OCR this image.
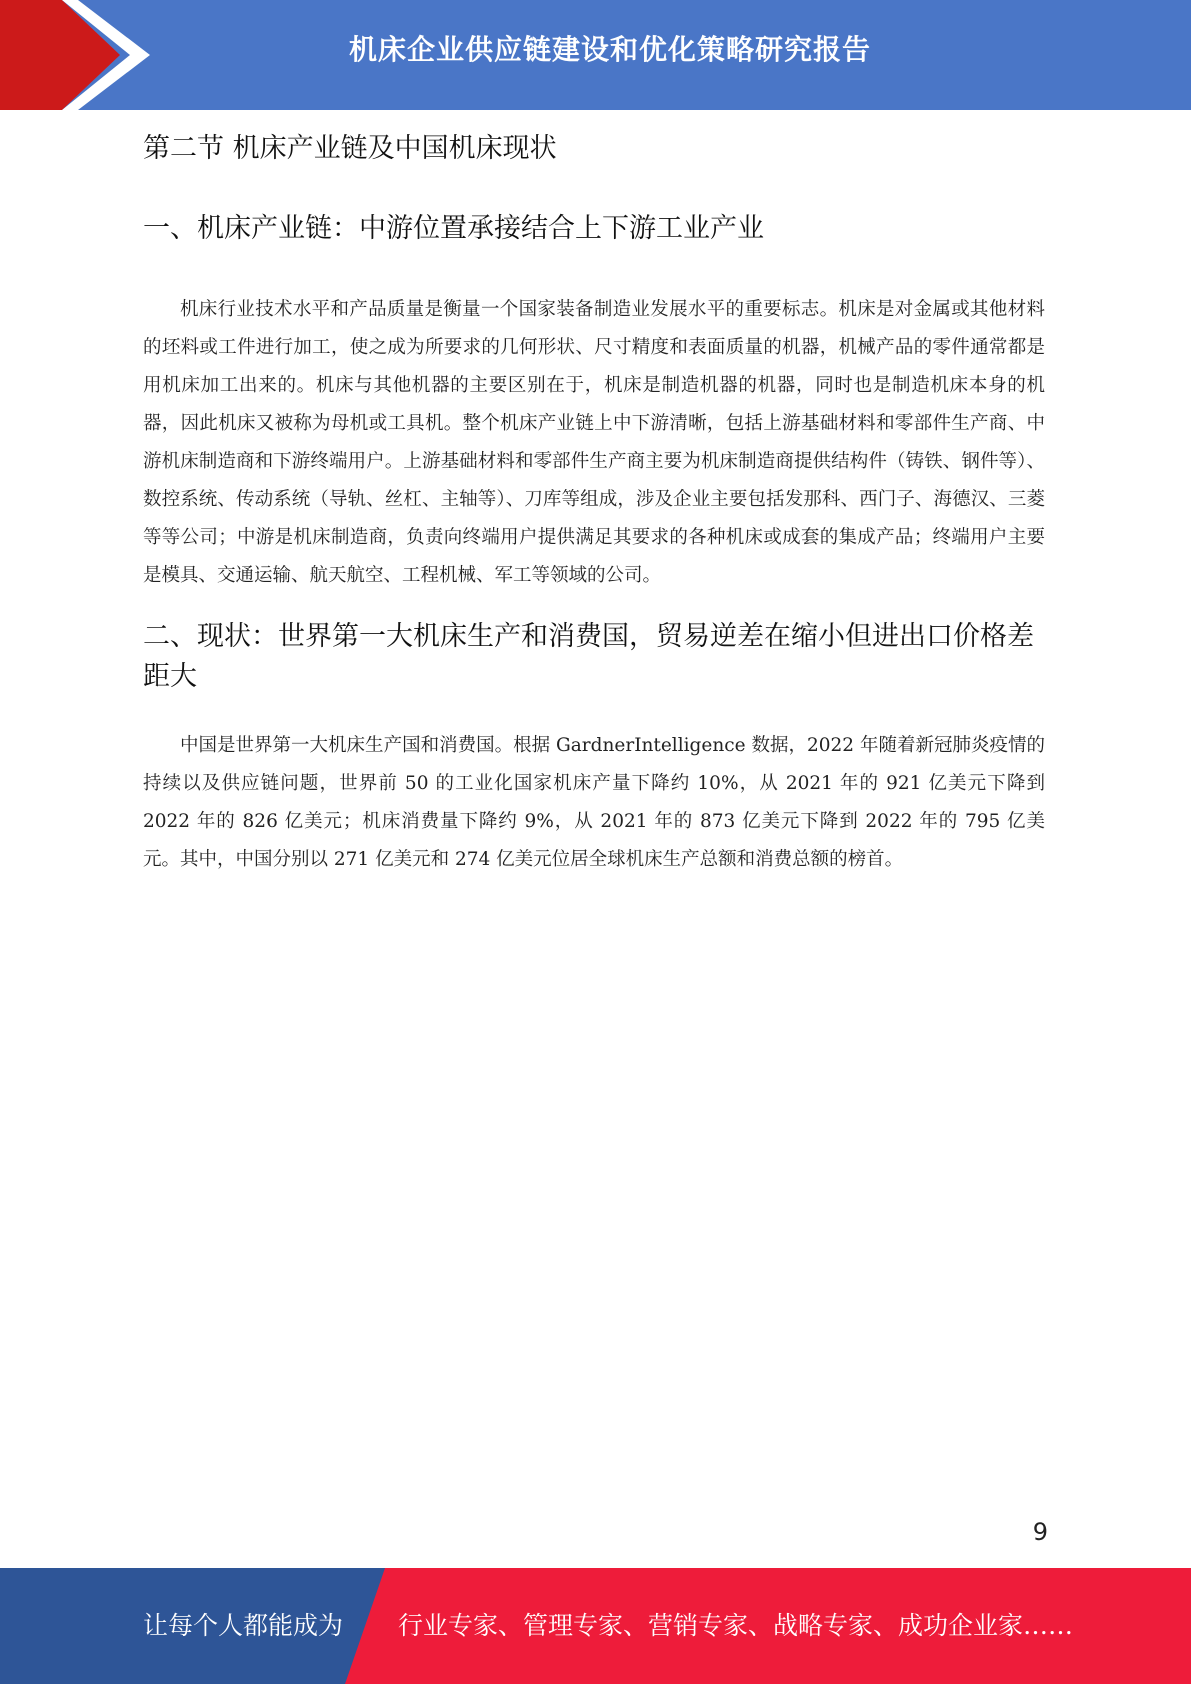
机床企业供应链建设和优化策略研究报告
第二节 机床产业链及中国机床现状
一、机床产业链：中游位置承接结合上下游工业产业

机床行业技术水平和产品质量是衡量一个国家装备制造业发展水平的重要标志。机床是对金属或其他材料的坯料或工件进行加工，使之成为所要求的几何形状、尺寸精度和表面质量的机器，机械产品的零件通常都是用机床加工出来的。机床与其他机器的主要区别在于，机床是制造机器的机器，同时也是制造机床本身的机器，因此机床又被称为母机或工具机。整个机床产业链上中下游清晰，包括上游基础材料和零部件生产商、中游机床制造商和下游终端用户。上游基础材料和零部件生产商主要为机床制造商提供结构件（铸铁、钢件等）、数控系统、传动系统（导轨、丝杠、主轴等）、刀库等组成，涉及企业主要包括发那科、西门子、海德汉、三菱等等公司；中游是机床制造商，负责向终端用户提供满足其要求的各种机床或成套的集成产品；终端用户主要是模具、交通运输、航天航空、工程机械、军工等领域的公司。

二、现状：世界第一大机床生产和消费国，贸易逆差在缩小但进出口价格差距大

中国是世界第一大机床生产国和消费国。根据 GardnerIntelligence 数据，2022 年随着新冠肺炎疫情的持续以及供应链问题，世界前 50 的工业化国家机床产量下降约 10%，从 2021 年的 921 亿美元下降到 2022 年的 826 亿美元；机床消费量下降约 9%，从 2021 年的 873 亿美元下降到 2022 年的 795 亿美元。其中，中国分别以 271 亿美元和 274 亿美元位居全球机床生产总额和消费总额的榜首。

9
让每个人都能成为 行业专家、管理专家、营销专家、战略专家、成功企业家……
